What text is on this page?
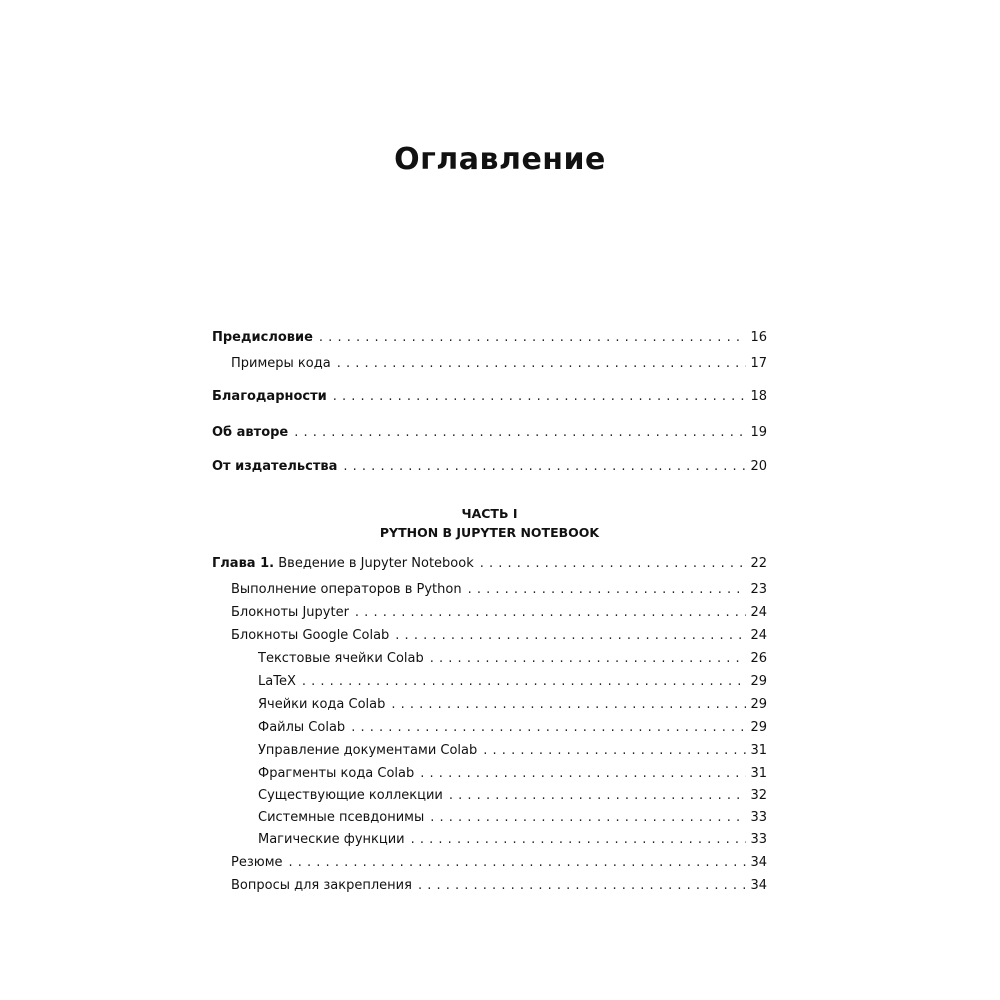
Оглавление
Предисловие . . .	16
Примеры кода . . .	17
Благодарности . . .	18
Об авторе . . .	19
От издательства . . .	20
ЧАСТЬ I
PYTHON В JUPYTER NOTEBOOK
Глава 1. Введение в Jupyter Notebook . . .	22
Выполнение операторов в Python . . .	23
Блокноты Jupyter . . .	24
Блокноты Google Colab . . .	24
Текстовые ячейки Colab . . .	26
LaTeX . . .	29
Ячейки кода Colab . . .	29
Файлы Colab . . .	29
Управление документами Colab . . .	31
Фрагменты кода Colab . . .	31
Существующие коллекции . . .	32
Системные псевдонимы . . .	33
Магические функции . . .	33
Резюме . . .	34
Вопросы для закрепления . . .	34
